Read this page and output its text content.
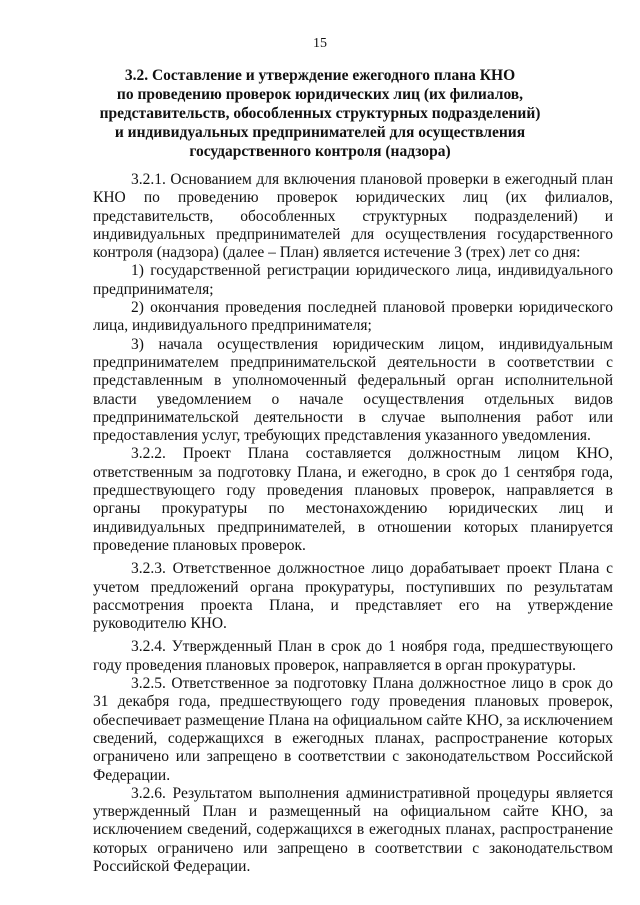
15
3.2. Составление и утверждение ежегодного плана КНО
по проведению проверок юридических лиц (их филиалов,
представительств, обособленных структурных подразделений)
и индивидуальных предпринимателей для осуществления
государственного контроля (надзора)

3.2.1. Основанием для включения плановой проверки в ежегодный план КНО по проведению проверок юридических лиц (их филиалов, представительств, обособленных структурных подразделений) и индивидуальных предпринимателей для осуществления государственного контроля (надзора) (далее – План) является истечение 3 (трех) лет со дня:

1) государственной регистрации юридического лица, индивидуального предпринимателя;

2) окончания проведения последней плановой проверки юридического лица, индивидуального предпринимателя;

3) начала осуществления юридическим лицом, индивидуальным предпринимателем предпринимательской деятельности в соответствии с представленным в уполномоченный федеральный орган исполнительной власти уведомлением о начале осуществления отдельных видов предпринимательской деятельности в случае выполнения работ или предоставления услуг, требующих представления указанного уведомления.

3.2.2. Проект Плана составляется должностным лицом КНО, ответственным за подготовку Плана, и ежегодно, в срок до 1 сентября года, предшествующего году проведения плановых проверок, направляется в органы прокуратуры по местонахождению юридических лиц и индивидуальных предпринимателей, в отношении которых планируется проведение плановых проверок.

3.2.3. Ответственное должностное лицо дорабатывает проект Плана с учетом предложений органа прокуратуры, поступивших по результатам рассмотрения проекта Плана, и представляет его на утверждение руководителю КНО.

3.2.4. Утвержденный План в срок до 1 ноября года, предшествующего году проведения плановых проверок, направляется в орган прокуратуры.

3.2.5. Ответственное за подготовку Плана должностное лицо в срок до 31 декабря года, предшествующего году проведения плановых проверок, обеспечивает размещение Плана на официальном сайте КНО, за исключением сведений, содержащихся в ежегодных планах, распространение которых ограничено или запрещено в соответствии с законодательством Российской Федерации.

3.2.6. Результатом выполнения административной процедуры является утвержденный План и размещенный на официальном сайте КНО, за исключением сведений, содержащихся в ежегодных планах, распространение которых ограничено или запрещено в соответствии с законодательством Российской Федерации.
